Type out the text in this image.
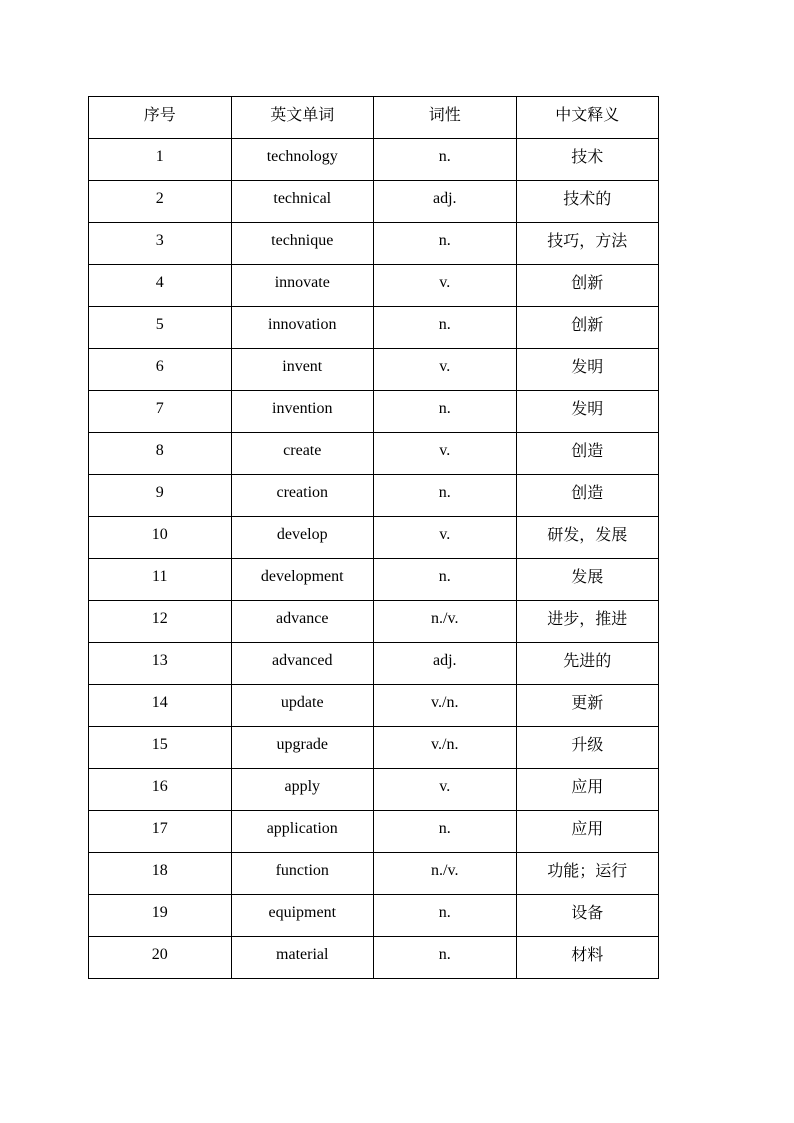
序号	英文单词	词性	中文释义
1	technology	n.	技术
2	technical	adj.	技术的
3	technique	n.	技巧，方法
4	innovate	v.	创新
5	innovation	n.	创新
6	invent	v.	发明
7	invention	n.	发明
8	create	v.	创造
9	creation	n.	创造
10	develop	v.	研发，发展
11	development	n.	发展
12	advance	n./v.	进步，推进
13	advanced	adj.	先进的
14	update	v./n.	更新
15	upgrade	v./n.	升级
16	apply	v.	应用
17	application	n.	应用
18	function	n./v.	功能；运行
19	equipment	n.	设备
20	material	n.	材料
